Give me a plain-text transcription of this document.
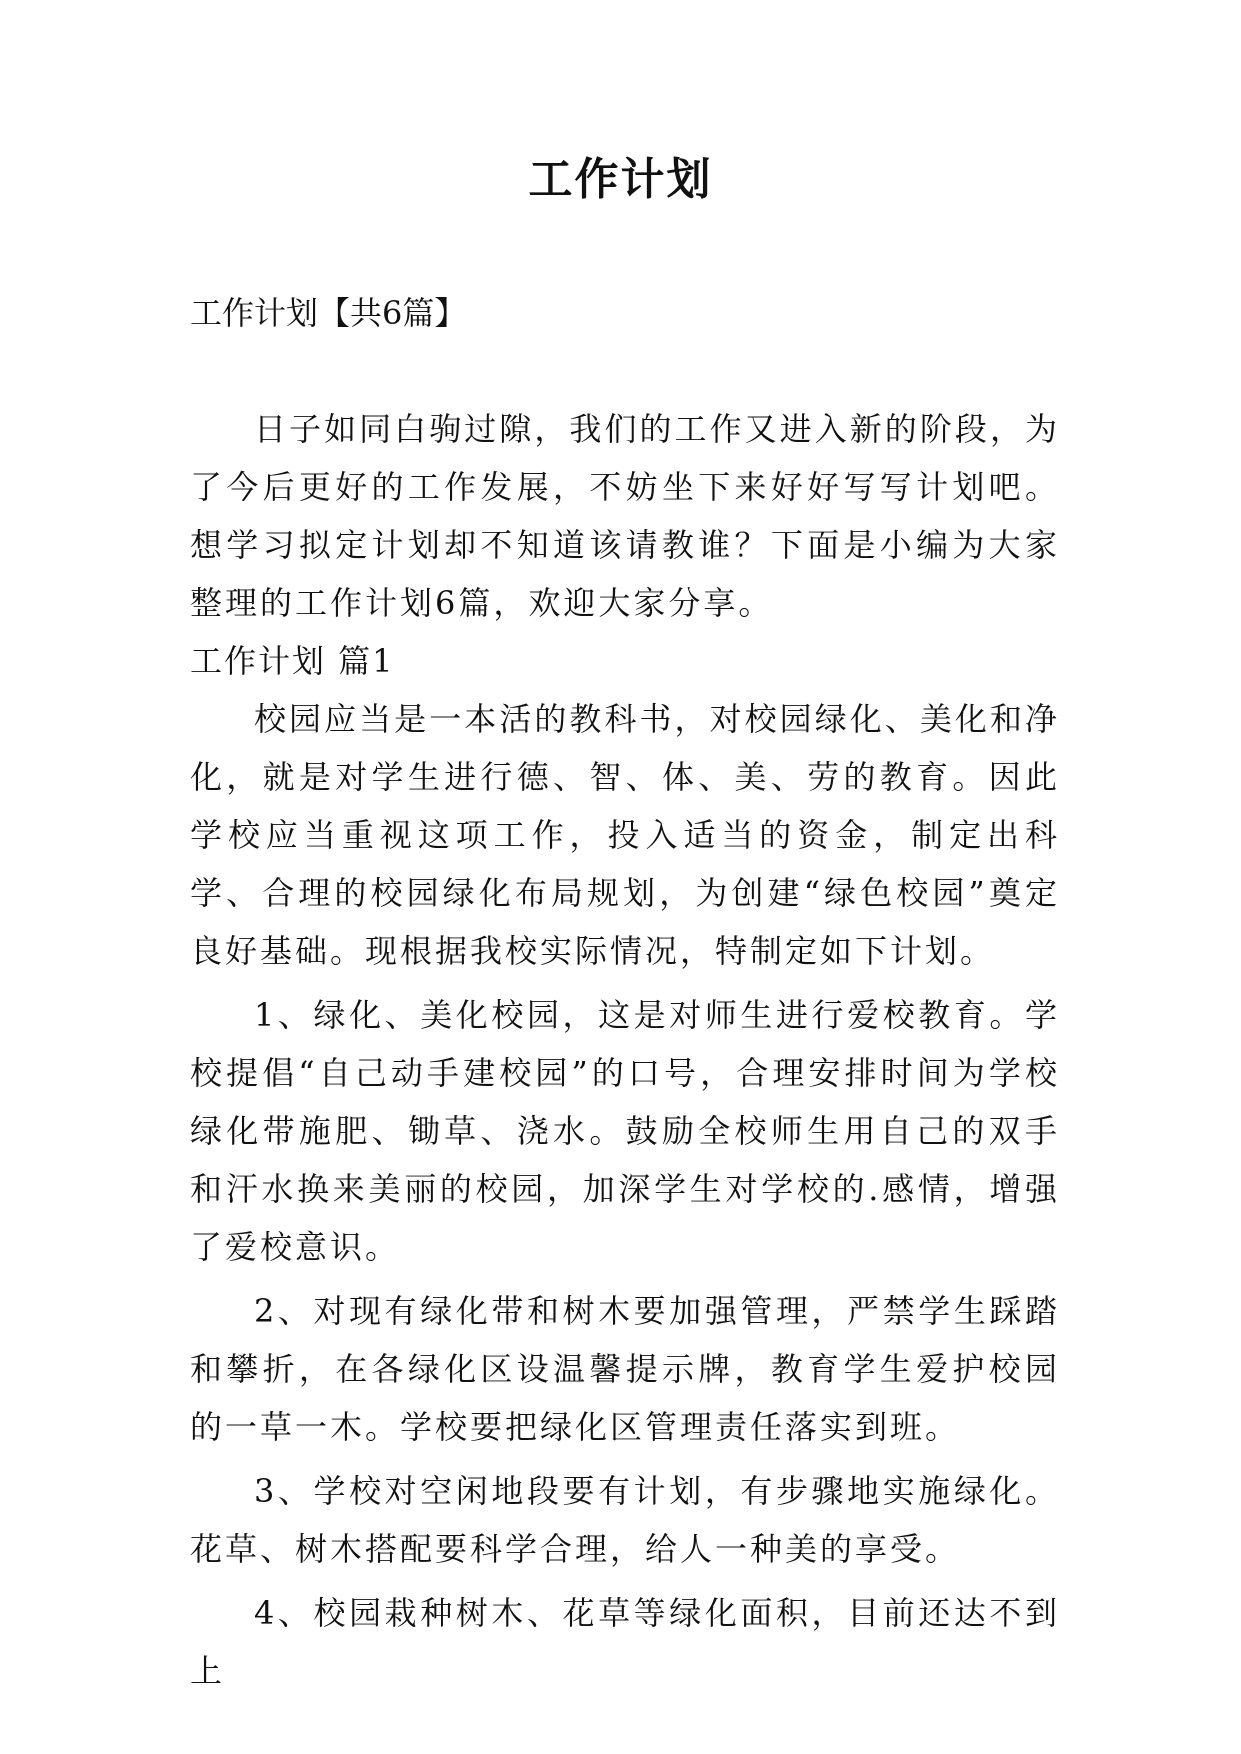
工作计划

工作计划【共6篇】

日子如同白驹过隙，我们的工作又进入新的阶段，为了今后更好的工作发展，不妨坐下来好好写写计划吧。想学习拟定计划却不知道该请教谁？下面是小编为大家整理的工作计划6篇，欢迎大家分享。

工作计划 篇1

校园应当是一本活的教科书，对校园绿化、美化和净化，就是对学生进行德、智、体、美、劳的教育。因此学校应当重视这项工作，投入适当的资金，制定出科学、合理的校园绿化布局规划，为创建“绿色校园”奠定良好基础。现根据我校实际情况，特制定如下计划。

1、绿化、美化校园，这是对师生进行爱校教育。学校提倡“自己动手建校园”的口号，合理安排时间为学校绿化带施肥、锄草、浇水。鼓励全校师生用自己的双手和汗水换来美丽的校园，加深学生对学校的.感情，增强了爱校意识。

2、对现有绿化带和树木要加强管理，严禁学生踩踏和攀折，在各绿化区设温馨提示牌，教育学生爱护校园的一草一木。学校要把绿化区管理责任落实到班。

3、学校对空闲地段要有计划，有步骤地实施绿化。花草、树木搭配要科学合理，给人一种美的享受。

4、校园栽种树木、花草等绿化面积，目前还达不到上
